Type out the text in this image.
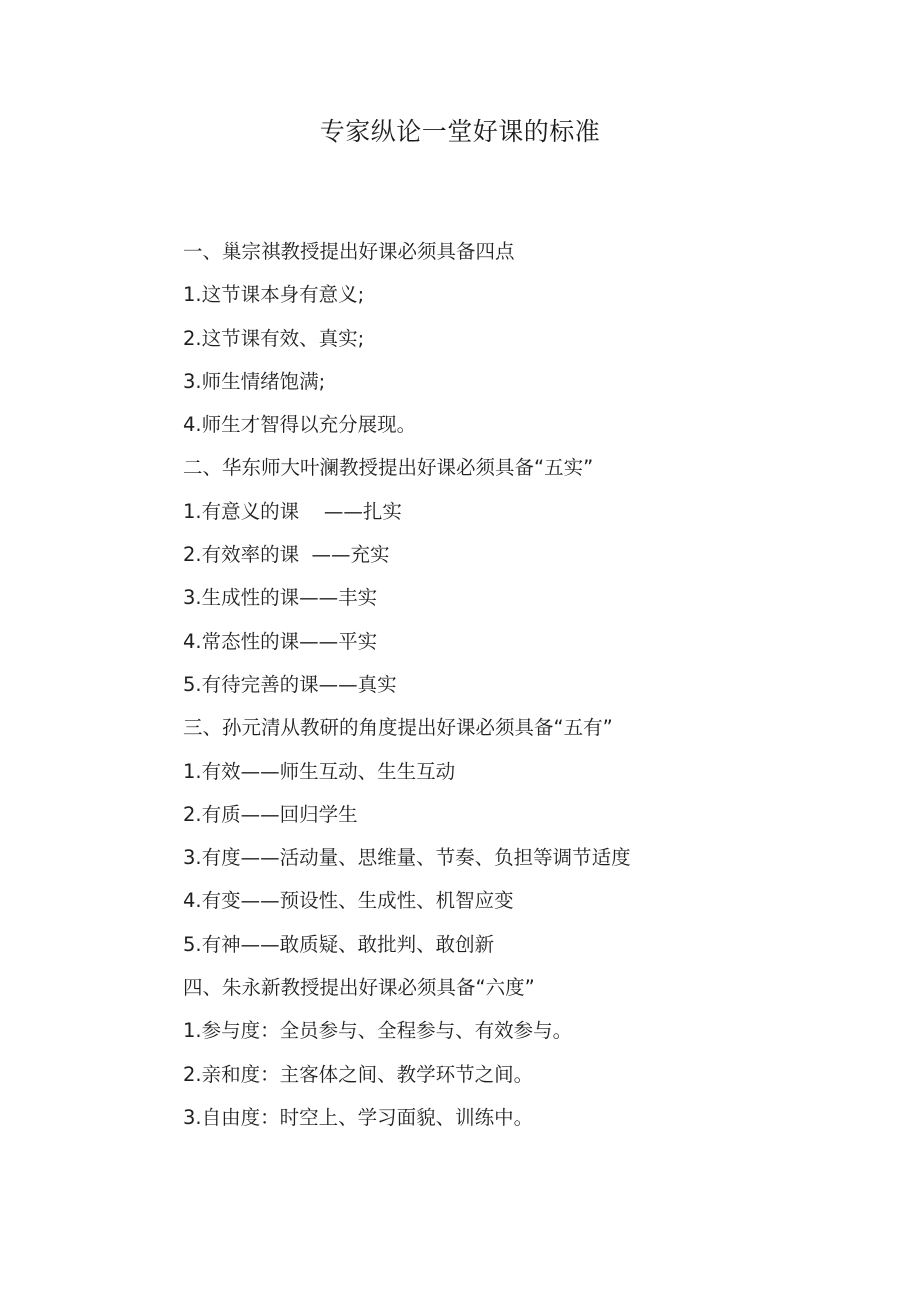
专家纵论一堂好课的标准
一、巢宗祺教授提出好课必须具备四点
1.这节课本身有意义;
2.这节课有效、真实;
3.师生情绪饱满;
4.师生才智得以充分展现。
二、华东师大叶澜教授提出好课必须具备“五实”
1.有意义的课    ——扎实
2.有效率的课  ——充实
3.生成性的课——丰实
4.常态性的课——平实
5.有待完善的课——真实
三、孙元清从教研的角度提出好课必须具备“五有”
1.有效——师生互动、生生互动
2.有质——回归学生
3.有度——活动量、思维量、节奏、负担等调节适度
4.有变——预设性、生成性、机智应变
5.有神——敢质疑、敢批判、敢创新
四、朱永新教授提出好课必须具备“六度”
1.参与度：全员参与、全程参与、有效参与。
2.亲和度：主客体之间、教学环节之间。
3.自由度：时空上、学习面貌、训练中。
